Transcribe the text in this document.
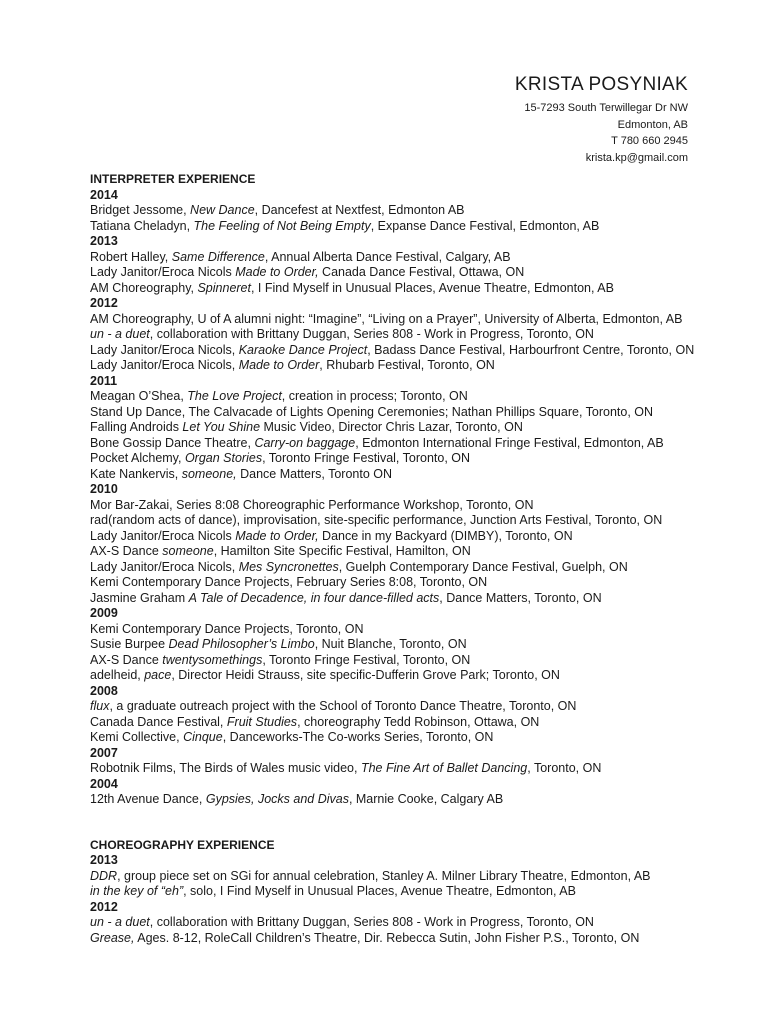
KRISTA POSYNIAK
15-7293 South Terwillegar Dr NW
Edmonton, AB
T 780 660 2945
krista.kp@gmail.com
INTERPRETER EXPERIENCE
2014
Bridget Jessome, New Dance, Dancefest at Nextfest, Edmonton AB
Tatiana Cheladyn, The Feeling of Not Being Empty, Expanse Dance Festival, Edmonton, AB
2013
Robert Halley, Same Difference, Annual Alberta Dance Festival, Calgary, AB
Lady Janitor/Eroca Nicols Made to Order, Canada Dance Festival, Ottawa, ON
AM Choreography, Spinneret, I Find Myself in Unusual Places, Avenue Theatre, Edmonton, AB
2012
AM Choreography, U of A alumni night: “Imagine”, “Living on a Prayer”, University of Alberta, Edmonton, AB
un - a duet, collaboration with Brittany Duggan, Series 808 - Work in Progress, Toronto, ON
Lady Janitor/Eroca Nicols, Karaoke Dance Project, Badass Dance Festival, Harbourfront Centre, Toronto, ON
Lady Janitor/Eroca Nicols, Made to Order, Rhubarb Festival, Toronto, ON
2011
Meagan O’Shea, The Love Project, creation in process; Toronto, ON
Stand Up Dance, The Calvacade of Lights Opening Ceremonies; Nathan Phillips Square, Toronto, ON
Falling Androids Let You Shine Music Video, Director Chris Lazar, Toronto, ON
Bone Gossip Dance Theatre, Carry-on baggage, Edmonton International Fringe Festival, Edmonton, AB
Pocket Alchemy, Organ Stories, Toronto Fringe Festival, Toronto, ON
Kate Nankervis, someone, Dance Matters, Toronto ON
2010
Mor Bar-Zakai, Series 8:08 Choreographic Performance Workshop, Toronto, ON
rad(random acts of dance), improvisation, site-specific performance, Junction Arts Festival, Toronto, ON
Lady Janitor/Eroca Nicols Made to Order, Dance in my Backyard (DIMBY), Toronto, ON
AX-S Dance someone, Hamilton Site Specific Festival, Hamilton, ON
Lady Janitor/Eroca Nicols, Mes Syncronettes, Guelph Contemporary Dance Festival, Guelph, ON
Kemi Contemporary Dance Projects, February Series 8:08, Toronto, ON
Jasmine Graham A Tale of Decadence, in four dance-filled acts, Dance Matters, Toronto, ON
2009
Kemi Contemporary Dance Projects, Toronto, ON
Susie Burpee Dead Philosopher’s Limbo, Nuit Blanche, Toronto, ON
AX-S Dance twentysomethings, Toronto Fringe Festival, Toronto, ON
adelheid, pace, Director Heidi Strauss, site specific-Dufferin Grove Park; Toronto, ON
2008
flux, a graduate outreach project with the School of Toronto Dance Theatre, Toronto, ON
Canada Dance Festival, Fruit Studies, choreography Tedd Robinson, Ottawa, ON
Kemi Collective, Cinque, Danceworks-The Co-works Series, Toronto, ON
2007
Robotnik Films, The Birds of Wales music video, The Fine Art of Ballet Dancing, Toronto, ON
2004
12th Avenue Dance, Gypsies, Jocks and Divas, Marnie Cooke, Calgary AB
CHOREOGRAPHY EXPERIENCE
2013
DDR, group piece set on SGi for annual celebration, Stanley A. Milner Library Theatre, Edmonton, AB
in the key of “eh”, solo, I Find Myself in Unusual Places, Avenue Theatre, Edmonton, AB
2012
un - a duet, collaboration with Brittany Duggan, Series 808 - Work in Progress, Toronto, ON
Grease, Ages. 8-12, RoleCall Children’s Theatre, Dir. Rebecca Sutin, John Fisher P.S., Toronto, ON
